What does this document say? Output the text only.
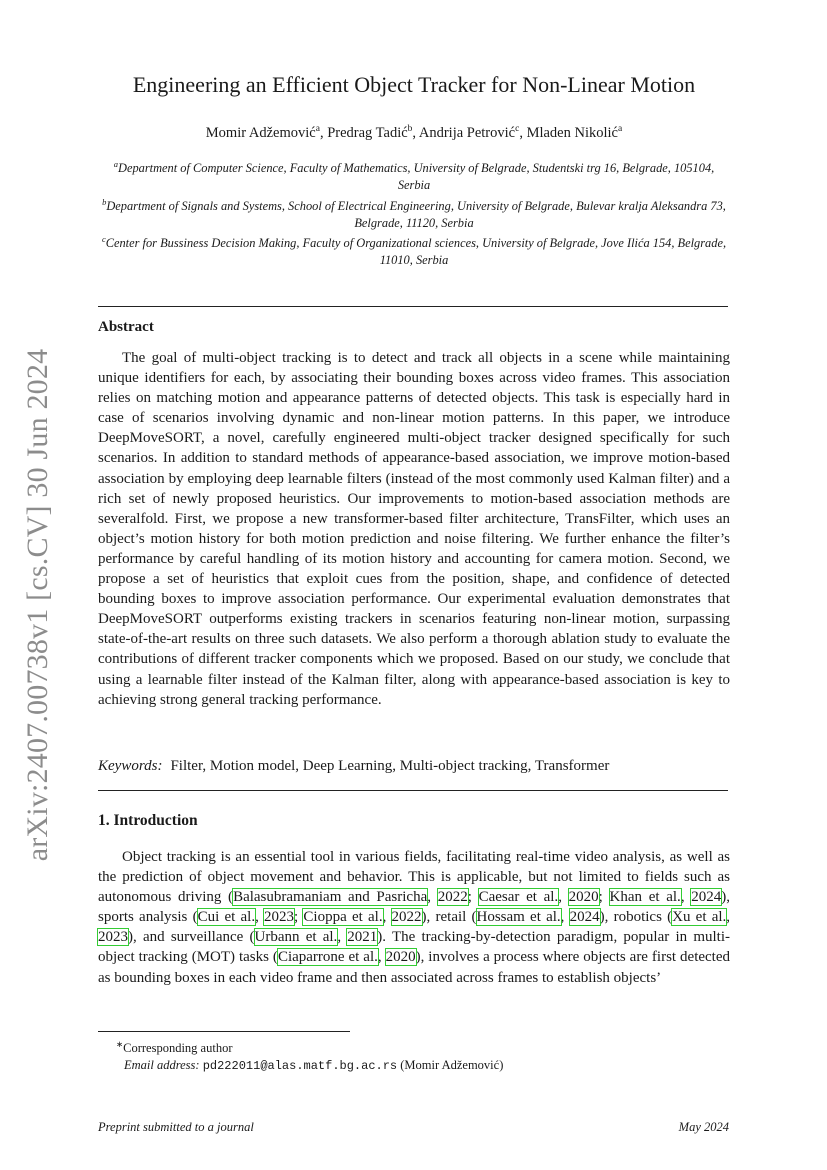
arXiv:2407.00738v1 [cs.CV] 30 Jun 2024
Engineering an Efficient Object Tracker for Non-Linear Motion
Momir Adžemović$^a$, Predrag Tadić$^b$, Andrija Petrović$^c$, Mladen Nikolić$^a$

$^a$Department of Computer Science, Faculty of Mathematics, University of Belgrade, Studentski trg 16, Belgrade, 105104, Serbia

$^b$Department of Signals and Systems, School of Electrical Engineering, University of Belgrade, Bulevar kralja Aleksandra 73, Belgrade, 11120, Serbia

$^c$Center for Bussiness Decision Making, Faculty of Organizational sciences, University of Belgrade, Jove Ilića 154, Belgrade, 11010, Serbia

Abstract

The goal of multi-object tracking is to detect and track all objects in a scene while maintaining unique identifiers for each, by associating their bounding boxes across video frames. This association relies on matching motion and appearance patterns of detected objects. This task is especially hard in case of scenarios involving dynamic and non-linear motion patterns. In this paper, we introduce DeepMoveSORT, a novel, carefully engineered multi-object tracker designed specifically for such scenarios. In addition to standard methods of appearance-based association, we improve motion-based association by employing deep learnable filters (instead of the most commonly used Kalman filter) and a rich set of newly proposed heuristics. Our improvements to motion-based association methods are severalfold. First, we propose a new transformer-based filter architecture, TransFilter, which uses an object’s motion history for both motion prediction and noise filtering. We further enhance the filter’s performance by careful handling of its motion history and accounting for camera motion. Second, we propose a set of heuristics that exploit cues from the position, shape, and confidence of detected bounding boxes to improve association performance. Our experimental evaluation demonstrates that DeepMoveSORT outperforms existing trackers in scenarios featuring non-linear motion, surpassing state-of-the-art results on three such datasets. We also perform a thorough ablation study to evaluate the contributions of different tracker components which we proposed. Based on our study, we conclude that using a learnable filter instead of the Kalman filter, along with appearance-based association is key to achieving strong general tracking performance.

Keywords: Filter, Motion model, Deep Learning, Multi-object tracking, Transformer
1. Introduction

Object tracking is an essential tool in various fields, facilitating real-time video analysis, as well as the prediction of object movement and behavior. This is applicable, but not limited to fields such as autonomous driving (Balasubramaniam and Pasricha, 2022; Caesar et al., 2020; Khan et al., 2024), sports analysis (Cui et al., 2023; Cioppa et al., 2022), retail (Hossam et al., 2024), robotics (Xu et al., 2023), and surveillance (Urbann et al., 2021). The tracking-by-detection paradigm, popular in multi-object tracking (MOT) tasks (Ciaparrone et al., 2020), involves a process where objects are first detected as bounding boxes in each video frame and then associated across frames to establish objects’

∗Corresponding author
Email address: pd222011@alas.matf.bg.ac.rs (Momir Adžemović)
Preprint submitted to a journal	May 2024
